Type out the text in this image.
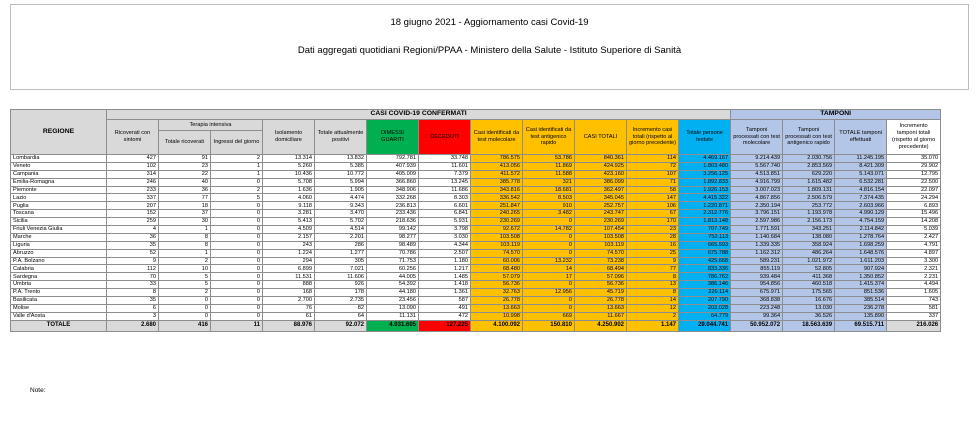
18 giugno 2021 - Aggiornamento casi Covid-19
Dati aggregati quotidiani Regioni/PPAA - Ministero della Salute - Istituto Superiore di Sanità
REGIONE	CASI COVID-19 CONFERMATI												TAMPONI			
	Ricoverati con sintomi	Terapia intensiva		Isolamento domiciliare	Totale attualmente positivi	DIMESSI GUARITI	DECEDUTI	Casi identificati da test molecolare	Casi identificati da test antigenico rapido	CASI TOTALI	Incremento casi totali (rispetto al giorno precedente)	Totale persone testate	Tamponi processati con test molecolare	Tamponi processati con test antigenico rapido	TOTALE tamponi effettuati	Incremento tamponi totali (rispetto al giorno precedente)
		Totale ricoverati	Ingressi del giorno													
Lombardia	427	91	2	13.314	13.832	792.781	33.748	786.575	53.786	840.361	114	4.469.167	9.214.439	2.030.756	11.245.195	35.070
Veneto	102	23	1	5.260	5.385	407.939	11.601	413.056	11.869	424.925	72	1.803.480	5.567.740	2.853.569	8.421.309	29.902
Campania	314	22	1	10.436	10.772	405.009	7.379	411.572	11.588	423.160	107	3.256.125	4.513.851	629.220	5.143.071	12.795
Emilia-Romagna	246	40	0	5.708	5.994	366.860	13.245	385.778	321	386.099	71	1.892.833	4.916.799	1.615.482	6.532.281	22.500
Piemonte	233	36	2	1.636	1.905	348.906	11.686	343.816	18.681	362.497	58	1.926.153	3.007.023	1.809.131	4.816.154	22.097
Lazio	337	77	5	4.060	4.474	332.268	8.303	336.542	8.503	345.045	147	4.415.322	4.867.856	2.506.579	7.374.435	24.294
Puglia	207	18	0	9.118	9.343	236.813	6.601	251.847	910	252.757	106	1.220.871	2.350.194	253.772	2.603.966	6.893
Toscana	152	37	0	3.281	3.470	233.436	6.841	240.265	3.482	243.747	67	2.312.776	3.796.151	1.193.978	4.990.129	15.496
Sicilia	259	30	0	5.413	5.702	218.636	5.931	230.269	0	230.269	170	1.813.148	2.597.986	2.156.173	4.754.159	14.208
Friuli Venezia Giulia	4	1	0	4.509	4.514	99.142	3.798	92.672	14.782	107.454	23	707.749	1.771.591	343.251	2.114.842	5.039
Marche	36	8	0	2.157	2.201	98.277	3.030	103.508	0	103.508	28	752.113	1.140.684	138.080	1.278.764	2.427
Liguria	35	8	0	243	286	98.489	4.344	103.119	0	103.119	16	665.593	1.339.335	358.924	1.698.259	4.791
Abruzzo	52	1	0	1.224	1.277	70.786	2.507	74.570	0	74.570	25	675.788	1.162.312	486.264	1.648.576	4.897
P.A. Bolzano	9	2	0	294	305	71.753	1.180	60.006	13.232	73.238	9	425.668	589.231	1.021.972	1.611.203	3.300
Calabria	112	10	0	6.899	7.021	60.256	1.217	68.480	14	68.494	77	833.336	855.119	52.805	907.924	2.321
Sardegna	70	5	0	11.531	11.606	44.005	1.485	57.079	17	57.096	8	786.762	939.484	411.368	1.350.852	2.231
Umbria	33	5	0	888	926	54.392	1.418	56.736	0	56.736	13	386.146	954.856	460.518	1.415.374	4.494
P.A. Trento	8	2	0	168	178	44.180	1.361	32.763	12.956	45.719	8	226.114	675.971	175.565	851.536	1.605
Basilicata	35	0	0	2.700	2.735	23.456	587	26.778	0	26.778	14	207.790	368.838	16.676	385.514	743
Molise	6	0	0	76	82	13.090	491	13.663	0	13.663	12	203.028	223.248	13.030	236.278	581
Valle d'Aosta	3	0	0	61	64	11.131	472	10.998	669	11.667	2	64.779	99.364	36.526	135.890	337
TOTALE	2.680	416	11	88.976	92.072	4.031.605	127.225	4.100.092	150.810	4.250.902	1.147	29.044.741	50.952.072	18.563.639	69.515.711	216.026
Note:
